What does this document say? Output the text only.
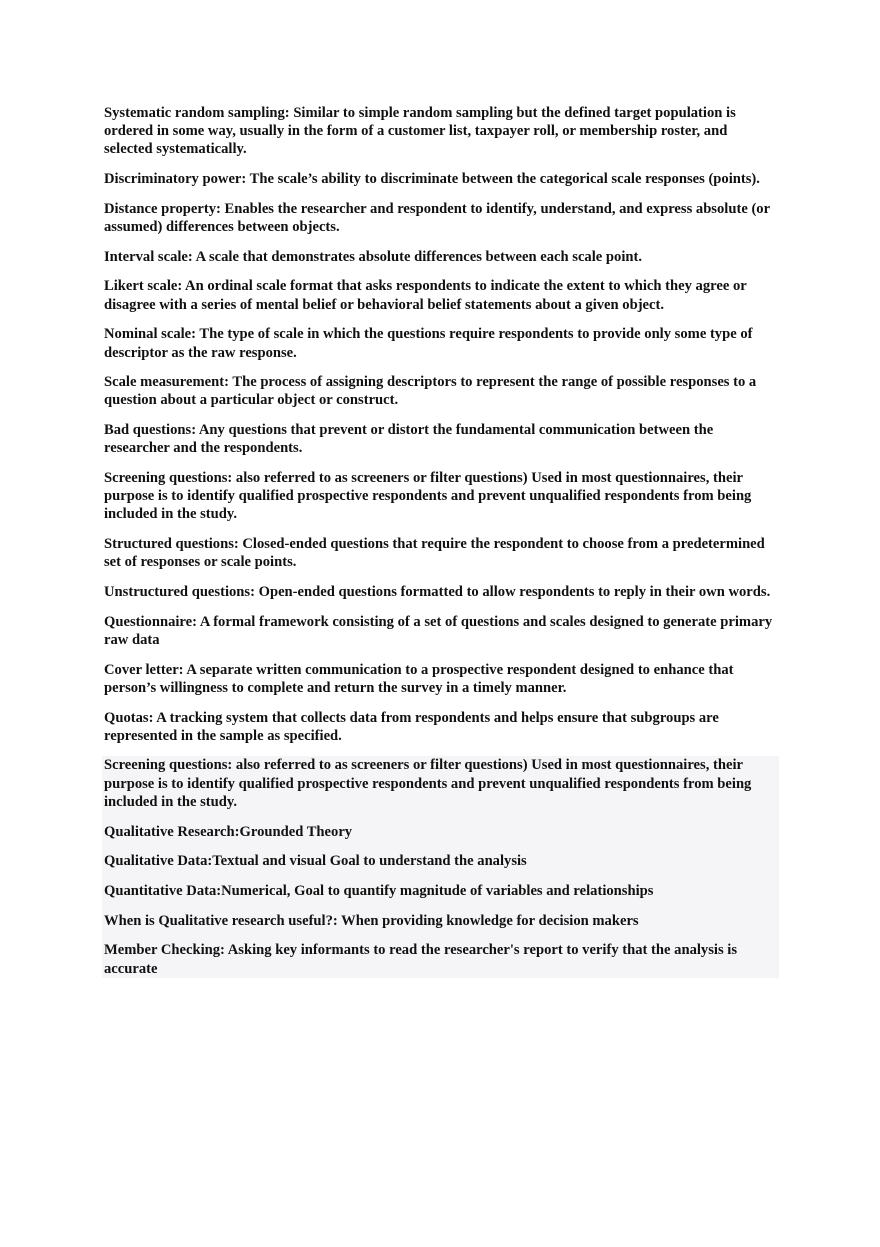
Systematic random sampling: Similar to simple random sampling but the defined target population is ordered in some way, usually in the form of a customer list, taxpayer roll, or membership roster, and selected systematically.

Discriminatory power: The scale’s ability to discriminate between the categorical scale responses (points).

Distance property: Enables the researcher and respondent to identify, understand, and express absolute (or assumed) differences between objects.

Interval scale: A scale that demonstrates absolute differences between each scale point.

Likert scale: An ordinal scale format that asks respondents to indicate the extent to which they agree or disagree with a series of mental belief or behavioral belief statements about a given object.

Nominal scale: The type of scale in which the questions require respondents to provide only some type of descriptor as the raw response.

Scale measurement: The process of assigning descriptors to represent the range of possible responses to a question about a particular object or construct.

Bad questions: Any questions that prevent or distort the fundamental communication between the researcher and the respondents.

Screening questions: also referred to as screeners or filter questions) Used in most questionnaires, their purpose is to identify qualified prospective respondents and prevent unqualified respondents from being included in the study.

Structured questions: Closed-ended questions that require the respondent to choose from a predetermined set of responses or scale points.

Unstructured questions: Open-ended questions formatted to allow respondents to reply in their own words.

Questionnaire: A formal framework consisting of a set of questions and scales designed to generate primary raw data

Cover letter: A separate written communication to a prospective respondent designed to enhance that person’s willingness to complete and return the survey in a timely manner.

Quotas: A tracking system that collects data from respondents and helps ensure that subgroups are represented in the sample as specified.

Screening questions: also referred to as screeners or filter questions) Used in most questionnaires, their purpose is to identify qualified prospective respondents and prevent unqualified respondents from being included in the study.

Qualitative Research:Grounded Theory

Qualitative Data:Textual and visual Goal to understand the analysis

Quantitative Data:Numerical, Goal to quantify magnitude of variables and relationships

When is Qualitative research useful?: When providing knowledge for decision makers

Member Checking: Asking key informants to read the researcher's report to verify that the analysis is accurate
